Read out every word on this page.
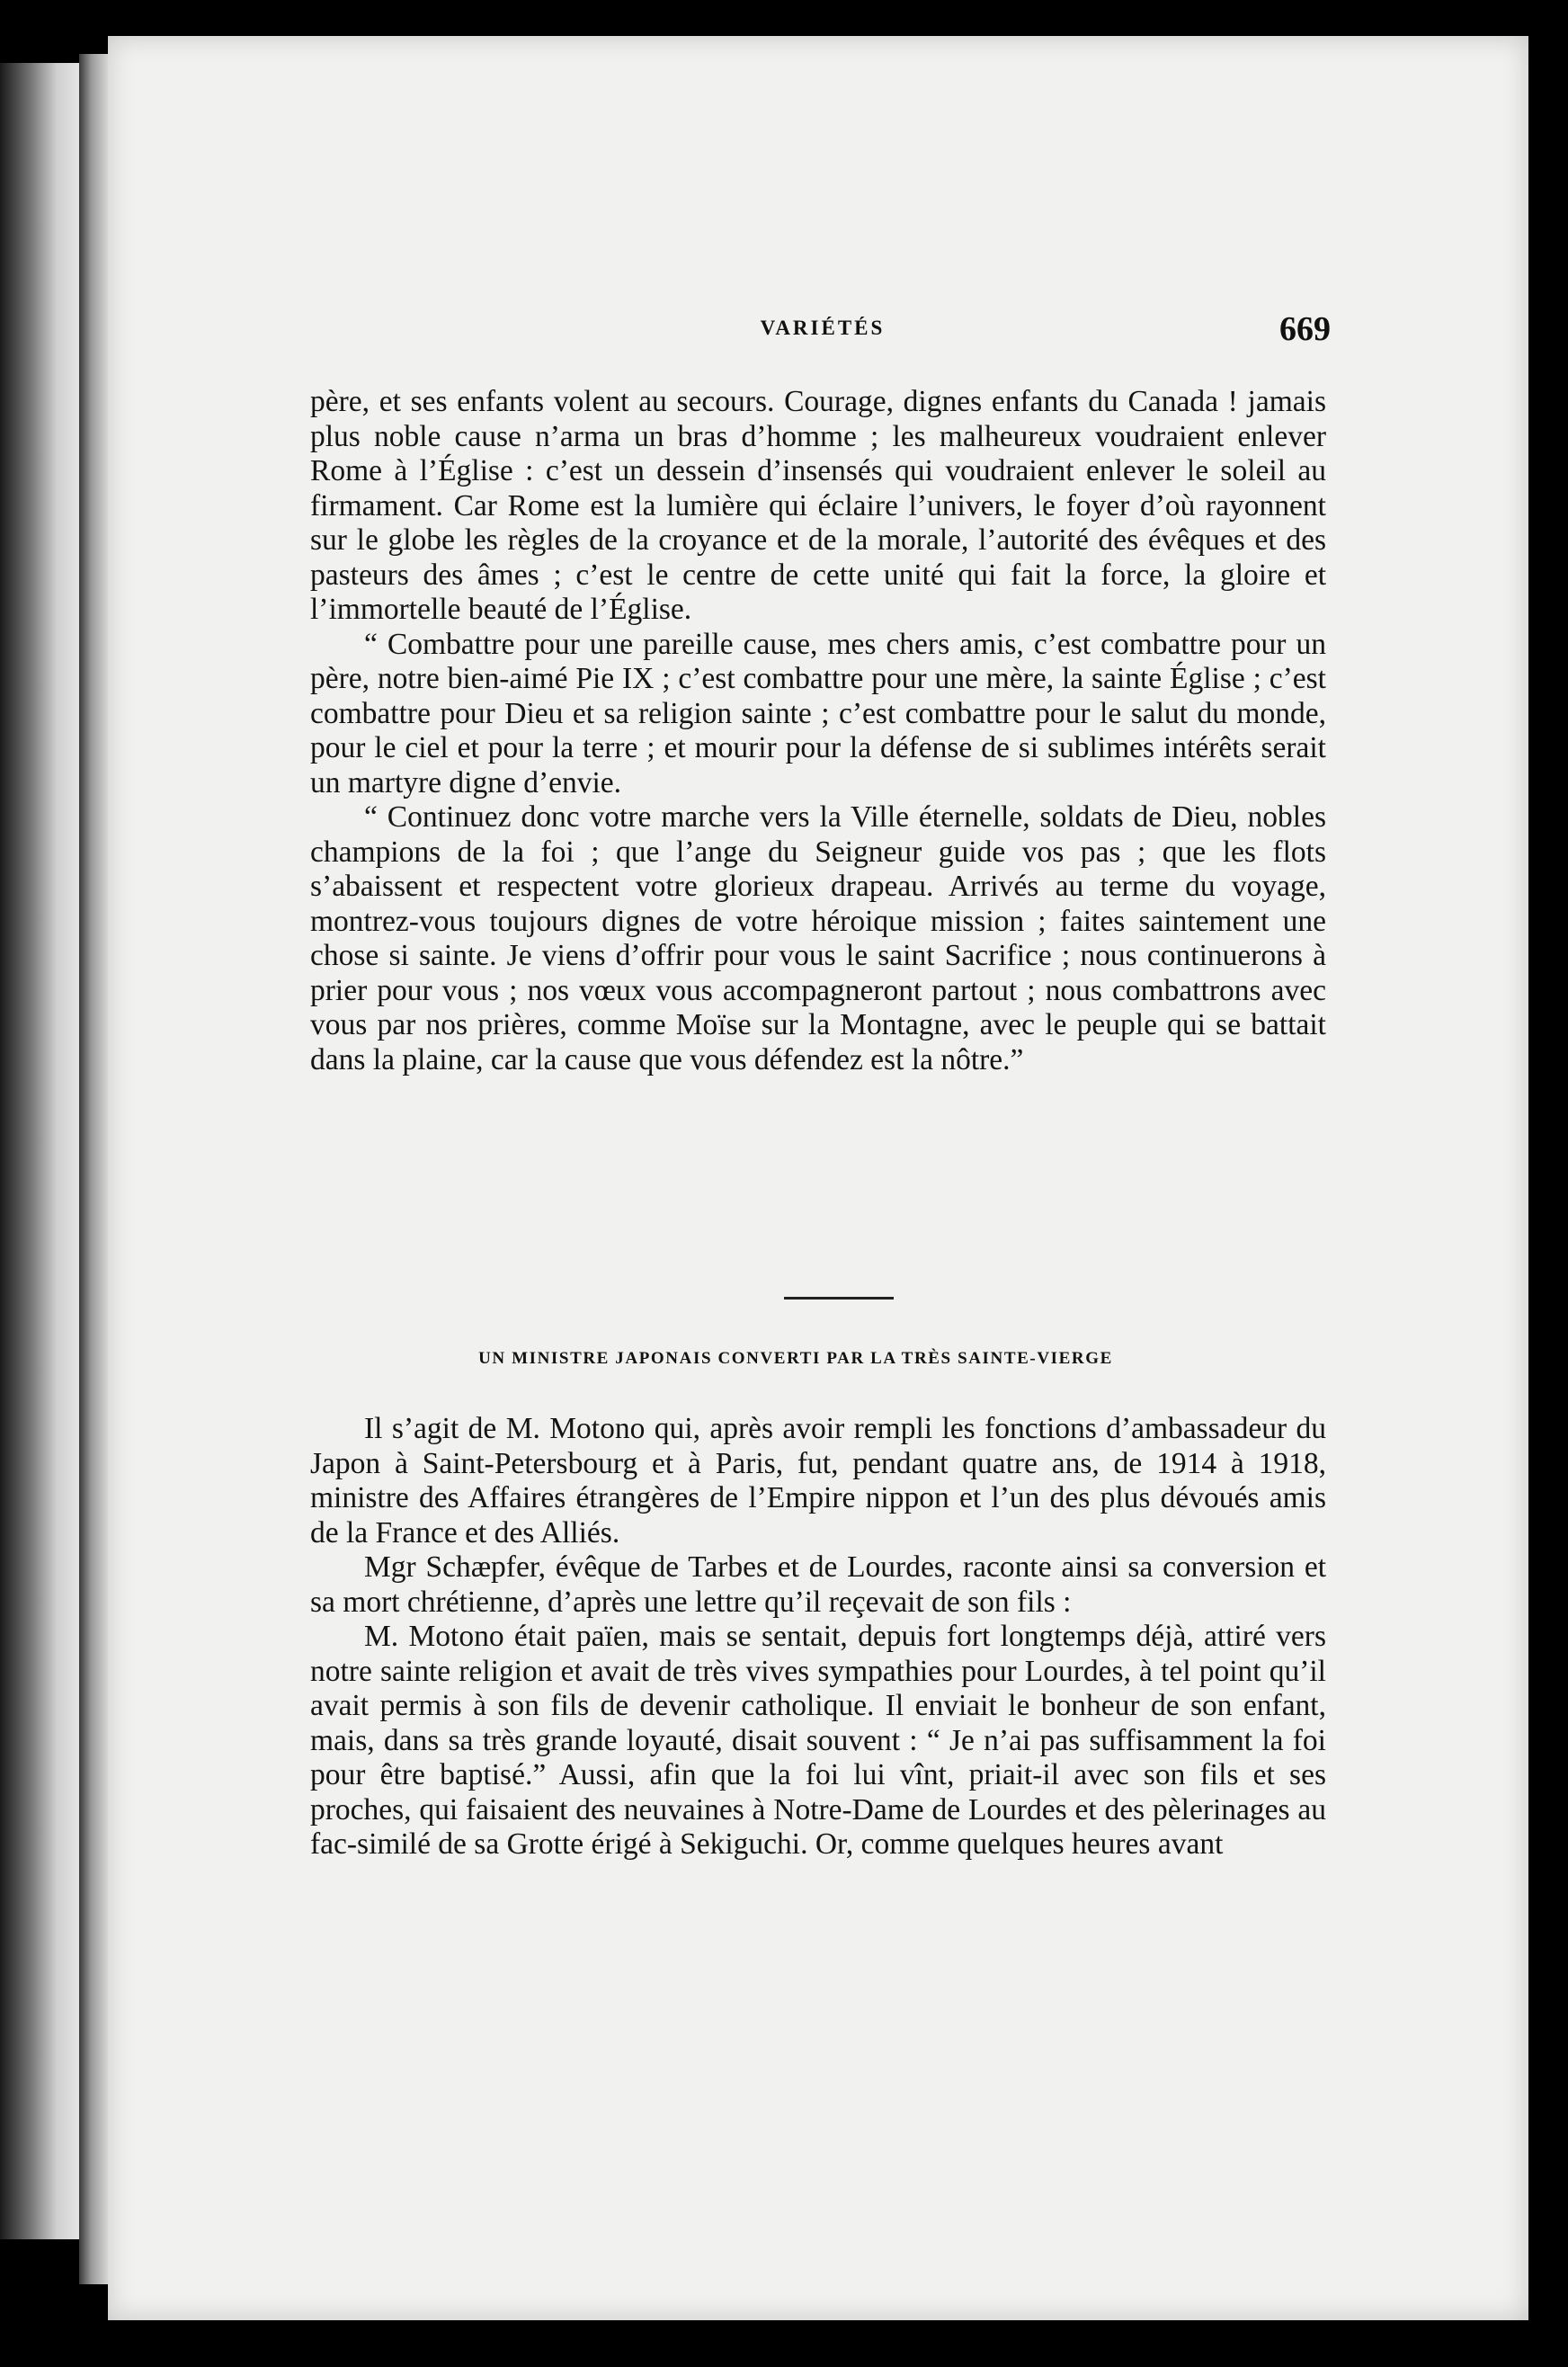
VARIÉTÉS	669

père, et ses enfants volent au secours. Courage, dignes enfants du Canada ! jamais plus noble cause n’arma un bras d’homme ; les malheureux voudraient enlever Rome à l’Église : c’est un dessein d’insensés qui voudraient enlever le soleil au firmament. Car Rome est la lumière qui éclaire l’univers, le foyer d’où rayonnent sur le globe les règles de la croyance et de la morale, l’autorité des évêques et des pasteurs des âmes ; c’est le centre de cette unité qui fait la force, la gloire et l’immortelle beauté de l’Église.

“ Combattre pour une pareille cause, mes chers amis, c’est combattre pour un père, notre bien-aimé Pie IX ; c’est combattre pour une mère, la sainte Église ; c’est combattre pour Dieu et sa religion sainte ; c’est combattre pour le salut du monde, pour le ciel et pour la terre ; et mourir pour la défense de si sublimes intérêts serait un martyre digne d’envie.

“ Continuez donc votre marche vers la Ville éternelle, soldats de Dieu, nobles champions de la foi ; que l’ange du Seigneur guide vos pas ; que les flots s’abaissent et respectent votre glorieux drapeau. Arrivés au terme du voyage, montrez-vous toujours dignes de votre héroique mission ; faites saintement une chose si sainte. Je viens d’offrir pour vous le saint Sacrifice ; nous continuerons à prier pour vous ; nos vœux vous accompagneront partout ; nous combattrons avec vous par nos prières, comme Moïse sur la Montagne, avec le peuple qui se battait dans la plaine, car la cause que vous défendez est la nôtre.”

UN MINISTRE JAPONAIS CONVERTI PAR LA TRÈS SAINTE-VIERGE

Il s’agit de M. Motono qui, après avoir rempli les fonctions d’ambassadeur du Japon à Saint-Petersbourg et à Paris, fut, pendant quatre ans, de 1914 à 1918, ministre des Affaires étrangères de l’Empire nippon et l’un des plus dévoués amis de la France et des Alliés.

Mgr Schæpfer, évêque de Tarbes et de Lourdes, raconte ainsi sa conversion et sa mort chrétienne, d’après une lettre qu’il reçevait de son fils :

M. Motono était païen, mais se sentait, depuis fort longtemps déjà, attiré vers notre sainte religion et avait de très vives sympathies pour Lourdes, à tel point qu’il avait permis à son fils de devenir catholique. Il enviait le bonheur de son enfant, mais, dans sa très grande loyauté, disait souvent : “ Je n’ai pas suffisamment la foi pour être baptisé.” Aussi, afin que la foi lui vînt, priait-il avec son fils et ses proches, qui faisaient des neuvaines à Notre-Dame de Lourdes et des pèlerinages au fac-similé de sa Grotte érigé à Sekiguchi. Or, comme quelques heures avant
